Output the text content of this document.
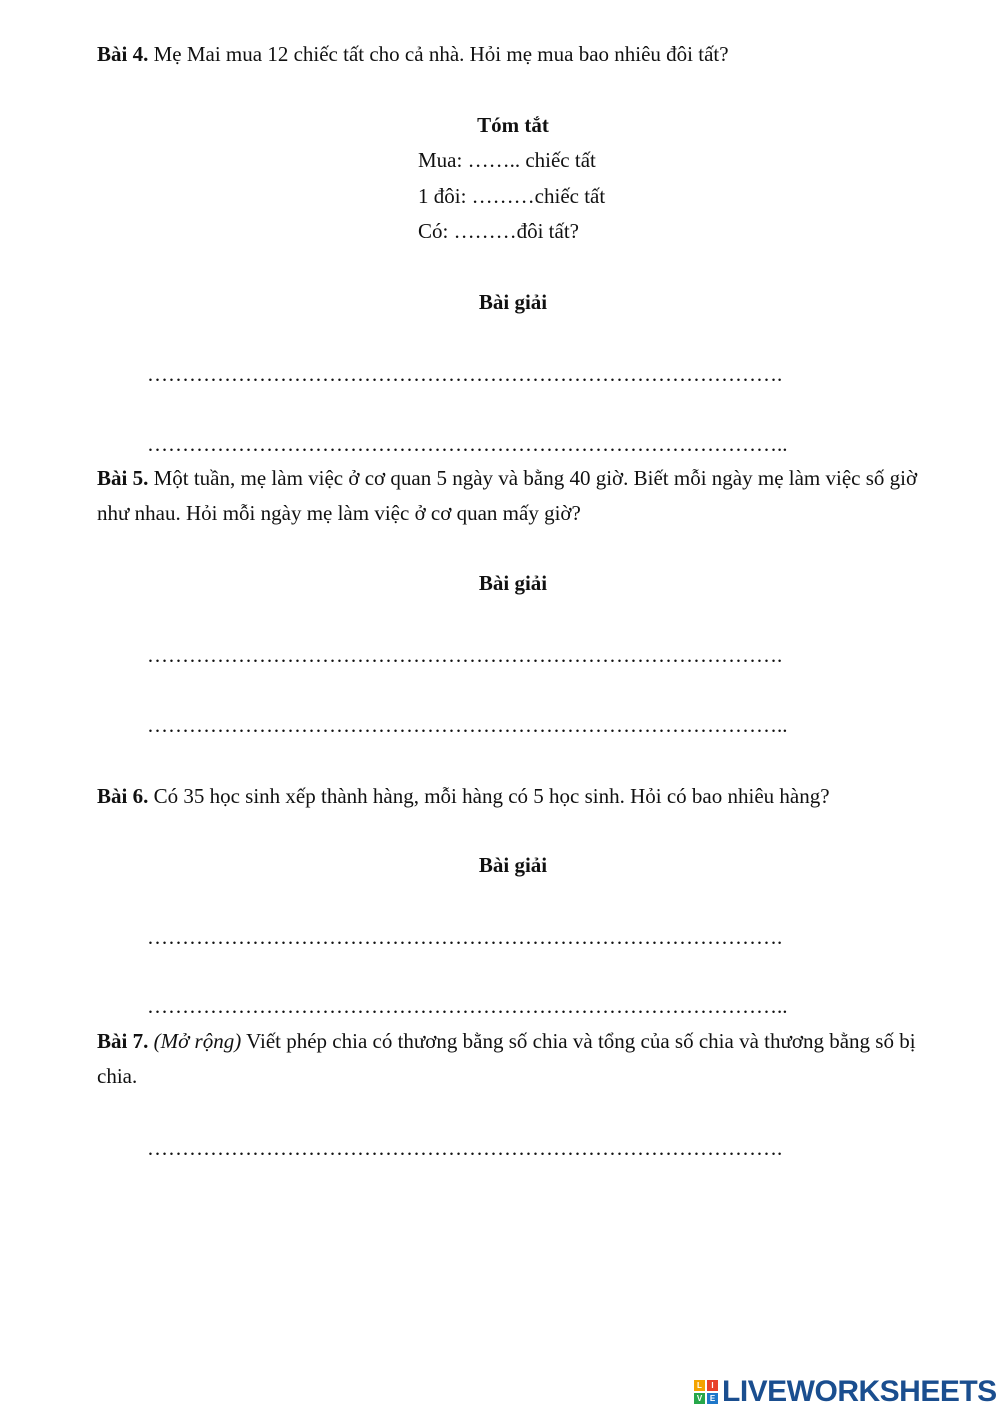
Bài 4. Mẹ Mai mua 12 chiếc tất cho cả nhà. Hỏi mẹ mua bao nhiêu đôi tất?
Tóm tắt
Mua: …….. chiếc tất
1 đôi: ………chiếc tất
Có: ………đôi tất?
Bài giải
……………………………………………………………………………….
………………………………………………………………………………..
Bài 5. Một tuần, mẹ làm việc ở cơ quan 5 ngày và bằng 40 giờ. Biết mỗi ngày mẹ làm việc số giờ như nhau. Hỏi mỗi ngày mẹ làm việc ở cơ quan mấy giờ?
Bài giải
……………………………………………………………………………….
………………………………………………………………………………..
Bài 6. Có 35 học sinh xếp thành hàng, mỗi hàng có 5 học sinh. Hỏi có bao nhiêu hàng?
Bài giải
……………………………………………………………………………….
………………………………………………………………………………..
Bài 7. (Mở rộng) Viết phép chia có thương bằng số chia và tổng của số chia và thương bằng số bị chia.
……………………………………………………………………………….
L	I
V E LIVEWORKSHEETS
